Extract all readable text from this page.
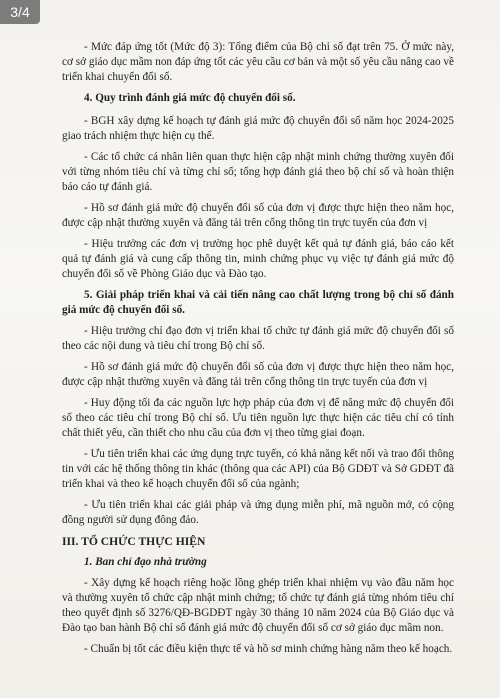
3/4

- Mức đáp ứng tốt (Mức độ 3): Tổng điểm của Bộ chỉ số đạt trên 75. Ở mức này, cơ sở giáo dục mầm non đáp ứng tốt các yêu cầu cơ bản và một số yêu cầu nâng cao về triển khai chuyển đổi số.

4. Quy trình đánh giá mức độ chuyển đổi số.

- BGH xây dựng kế hoạch tự đánh giá mức độ chuyển đổi số năm học 2024-2025 giao trách nhiệm thực hiện cụ thể.

- Các tổ chức cá nhân liên quan thực hiện cập nhật minh chứng thường xuyên đối với từng nhóm tiêu chí và từng chỉ số; tổng hợp đánh giá theo bộ chỉ số và hoàn thiện báo cáo tự đánh giá.

- Hồ sơ đánh giá mức độ chuyển đổi số của đơn vị được thực hiện theo năm học, được cập nhật thường xuyên và đăng tải trên cổng thông tin trực tuyến của đơn vị

- Hiệu trưởng các đơn vị trường học phê duyệt kết quả tự đánh giá, báo cáo kết quả tự đánh giá và cung cấp thông tin, minh chứng phục vụ việc tự đánh giá mức độ chuyển đổi số về Phòng Giáo dục và Đào tạo.

5. Giải pháp triển khai và cải tiến nâng cao chất lượng trong bộ chỉ số đánh giá mức độ chuyển đổi số.

- Hiệu trưởng chỉ đạo đơn vị triển khai tổ chức tự đánh giá mức độ chuyển đổi số theo các nội dung và tiêu chí trong Bộ chỉ số.

- Hồ sơ đánh giá mức độ chuyển đổi số của đơn vị được thực hiện theo năm học, được cập nhật thường xuyên và đăng tải trên cổng thông tin trực tuyến của đơn vị

- Huy động tối đa các nguồn lực hợp pháp của đơn vị để nâng mức độ chuyển đổi số theo các tiêu chí trong Bộ chỉ số. Ưu tiên nguồn lực thực hiện các tiêu chí có tính chất thiết yếu, cần thiết cho nhu cầu của đơn vị theo từng giai đoạn.

- Ưu tiên triển khai các ứng dụng trực tuyến, có khả năng kết nối và trao đổi thông tin với các hệ thống thông tin khác (thông qua các API) của Bộ GDĐT và Sở GDĐT đã triển khai và theo kế hoạch chuyển đổi số của ngành;

- Ưu tiên triển khai các giải pháp và ứng dụng miễn phí, mã nguồn mở, có cộng đồng người sử dụng đông đảo.

III. TỔ CHỨC THỰC HIỆN

1. Ban chỉ đạo nhà trường

- Xây dựng kế hoạch riêng hoặc lồng ghép triển khai nhiệm vụ vào đầu năm học và thường xuyên tổ chức cập nhật minh chứng; tổ chức tự đánh giá từng nhóm tiêu chí theo quyết định số 3276/QĐ-BGDĐT ngày 30 tháng 10 năm 2024 của Bộ Giáo dục và Đào tạo ban hành Bộ chỉ số đánh giá mức độ chuyển đổi số cơ sở giáo dục mầm non.

- Chuẩn bị tốt các điều kiện thực tế và hồ sơ minh chứng hàng năm theo kế hoạch.
